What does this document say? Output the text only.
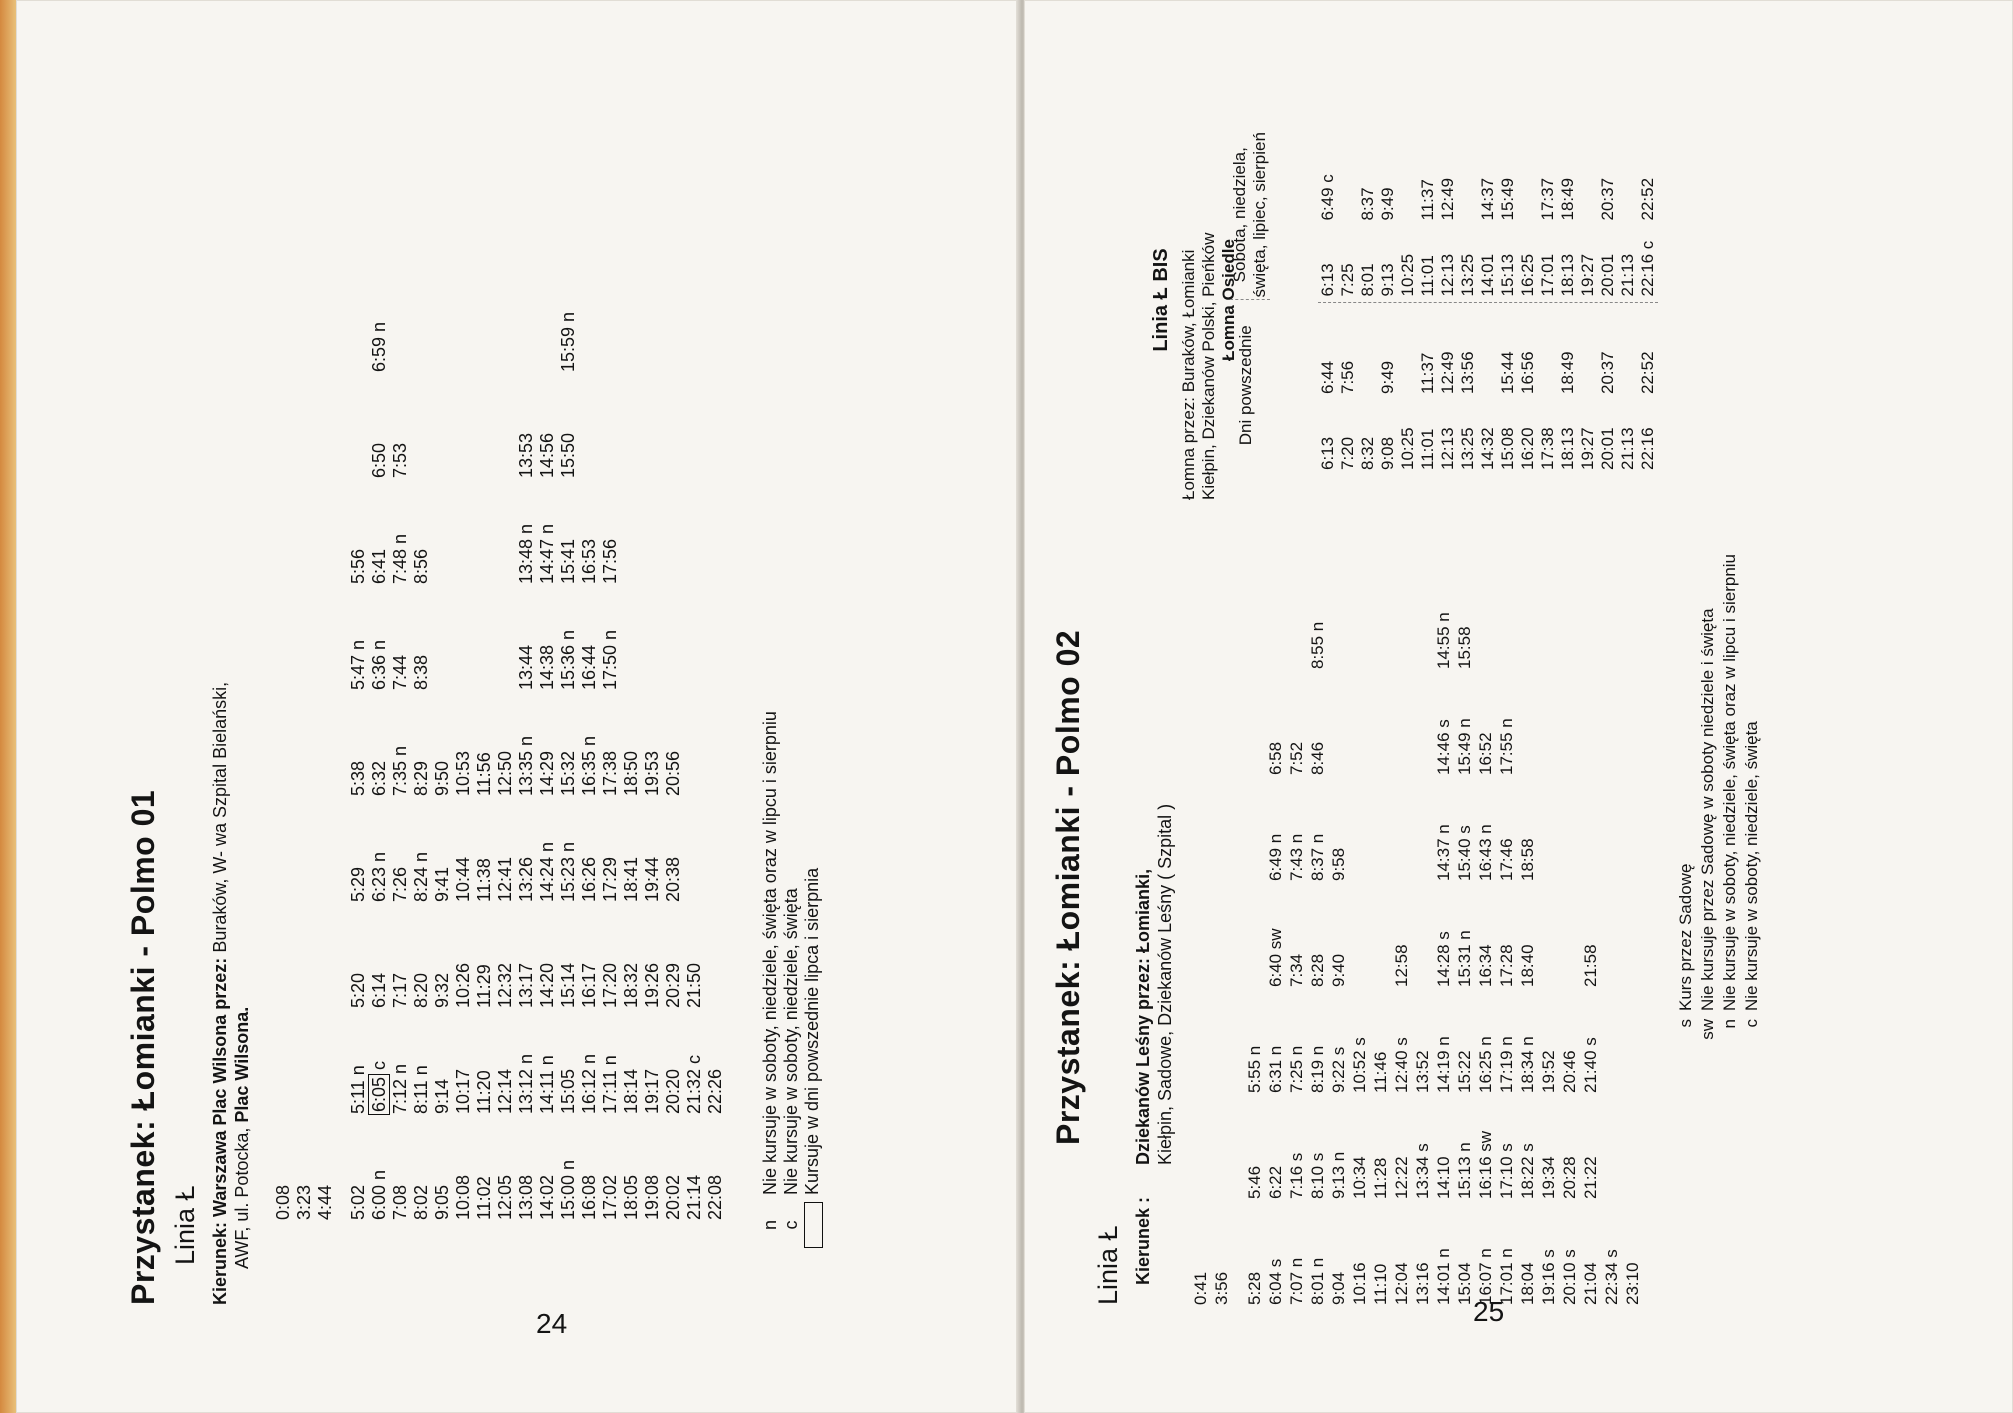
Przystanek: Łomianki - Polmo 01 Linia Ł Kierunek: Warszawa Plac Wilsona przez: Buraków, W- wa Szpital Bielański,
AWF, ul. Potocka, Plac Wilsona.
0:08 3:23 4:44 5:02
5:11 n
5:20
5:29
5:38
5:47 n
5:56
6:00 n
6:05 c
6:14
6:23 n
6:32
6:36 n
6:41
6:50
6:59 n
7:08
7:12 n
7:17
7:26
7:35 n
7:44
7:48 n
7:53
8:02
8:11 n
8:20
8:24 n
8:29
8:38
8:56
9:05
9:14
9:32
9:41
9:50
10:08
10:17
10:26
10:44
10:53
11:02
11:20
11:29
11:38
11:56
12:05
12:14
12:32
12:41
12:50
13:08
13:12 n
13:17
13:26
13:35 n
13:44
13:48 n
13:53
14:02
14:11 n
14:20
14:24 n
14:29
14:38
14:47 n
14:56
15:00 n
15:05
15:14
15:23 n
15:32
15:36 n
15:41
15:50
15:59 n
16:08
16:12 n
16:17
16:26
16:35 n
16:44
16:53
17:02
17:11 n
17:20
17:29
17:38
17:50 n
17:56
18:05
18:14
18:32
18:41
18:50
19:08
19:17
19:26
19:44
19:53
20:02
20:20
20:29
20:38
20:56
21:14
21:32 c
21:50
22:08
22:26
n
Nie kursuje w soboty, niedziele, święta oraz w lipcu i sierpniu
c
Nie kursuje w soboty, niedziele, święta Kursuje w dni powszednie lipca i sierpnia
24
Przystanek: Łomianki - Polmo 02
Linia Ł Kierunek :
Dziekanów Leśny przez: Łomianki, Kiełpin, Sadowe, Dziekanów Leśny ( Szpital )
0:41 3:56 5:28
5:46
5:55 n
6:04 s
6:22
6:31 n
6:40 sw
6:49 n
6:58
7:07 n
7:16 s
7:25 n
7:34
7:43 n
7:52
8:01 n
8:10 s
8:19 n
8:28
8:37 n
8:46
8:55 n
9:04
9:13 n
9:22 s
9:40
9:58
10:16
10:34
10:52 s
11:10
11:28
11:46
12:04
12:22
12:40 s
12:58
13:16
13:34 s
13:52
14:01 n
14:10
14:19 n
14:28 s
14:37 n
14:46 s
14:55 n
15:04
15:13 n
15:22
15:31 n
15:40 s
15:49 n
15:58
16:07 n
16:16 sw
16:25 n
16:34
16:43 n
16:52
17:01 n
17:10 s
17:19 n
17:28
17:46
17:55 n
18:04
18:22 s
18:34 n
18:40
18:58
19:16 s
19:34
19:52
20:10 s
20:28
20:46
21:04
21:22
21:40 s
21:58
22:34 s 23:10
s
Kurs przez Sadowę
sw
Nie kursuje przez Sadowę w soboty niedziele i święta
n
Nie kursuje w soboty, niedziele, święta oraz w lipcu i sierpniu
c
Nie kursuje w soboty, niedziele, święta
Linia Ł BIS Łomna przez: Buraków, Łomianki Kiełpin, Dziekanów Polski, Pieńków Łomna Osiedle
Dni powszednie
Sobota, niedziela, święta, lipiec, sierpień
6:13
6:44
7:20
7:56
8:32 9:08
9:49
10:25 11:01
11:37
12:13
12:49
13:25
13:56
14:32 15:08
15:44
16:20
16:56
17:38 18:13
18:49
19:27 20:01
20:37
21:13 22:16
22:52
6:13
6:49 c
7:25 8:01
8:37
9:13
9:49
10:25 11:01
11:37
12:13
12:49
13:25 14:01
14:37
15:13
15:49
16:25 17:01
17:37
18:13
18:49
19:27 20:01
20:37
21:13 22:16 c
22:52
25
